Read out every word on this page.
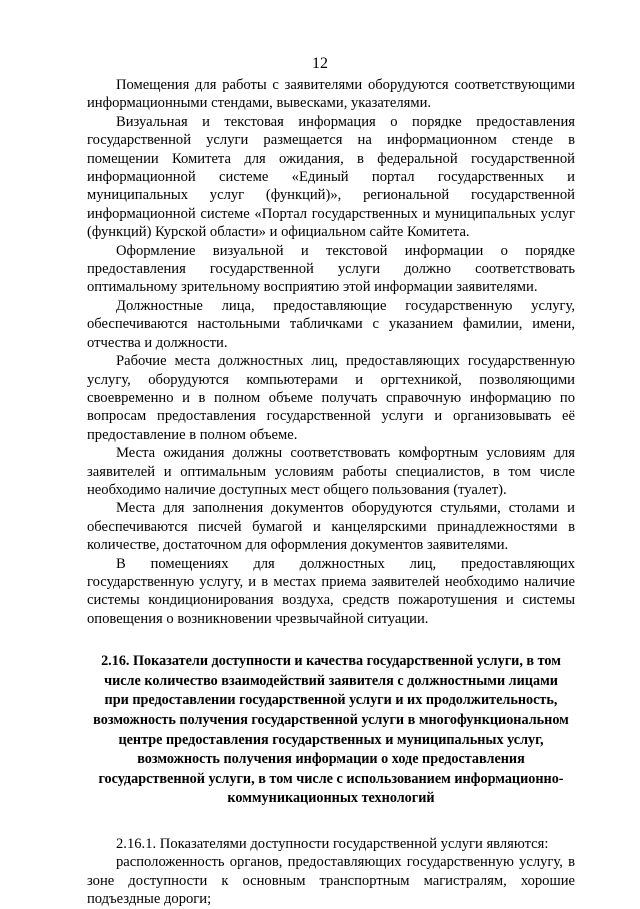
12

Помещения для работы с заявителями оборудуются соответствующими информационными стендами, вывесками, указателями.

Визуальная и текстовая информация о порядке предоставления государственной услуги размещается на информационном стенде в помещении Комитета для ожидания, в федеральной государственной информационной системе «Единый портал государственных и муниципальных услуг (функций)», региональной государственной информационной системе «Портал государственных и муниципальных услуг (функций) Курской области» и официальном сайте Комитета.

Оформление визуальной и текстовой информации о порядке предоставления государственной услуги должно соответствовать оптимальному зрительному восприятию этой информации заявителями.

Должностные лица, предоставляющие государственную услугу, обеспечиваются настольными табличками с указанием фамилии, имени, отчества и должности.

Рабочие места должностных лиц, предоставляющих государственную услугу, оборудуются компьютерами и оргтехникой, позволяющими своевременно и в полном объеме получать справочную информацию по вопросам предоставления государственной услуги и организовывать её предоставление в полном объеме.

Места ожидания должны соответствовать комфортным условиям для заявителей и оптимальным условиям работы специалистов, в том числе необходимо наличие доступных мест общего пользования (туалет).

Места для заполнения документов оборудуются стульями, столами и обеспечиваются писчей бумагой и канцелярскими принадлежностями в количестве, достаточном для оформления документов заявителями.

В помещениях для должностных лиц, предоставляющих государственную услугу, и в местах приема заявителей необходимо наличие системы кондиционирования воздуха, средств пожаротушения и системы оповещения о возникновении чрезвычайной ситуации.

2.16. Показатели доступности и качества государственной услуги, в том числе количество взаимодействий заявителя с должностными лицами при предоставлении государственной услуги и их продолжительность, возможность получения государственной услуги в многофункциональном центре предоставления государственных и муниципальных услуг, возможность получения информации о ходе предоставления государственной услуги, в том числе с использованием информационно-коммуникационных технологий

2.16.1. Показателями доступности государственной услуги являются:

расположенность органов, предоставляющих государственную услугу, в зоне доступности к основным транспортным магистралям, хорошие подъездные дороги;
